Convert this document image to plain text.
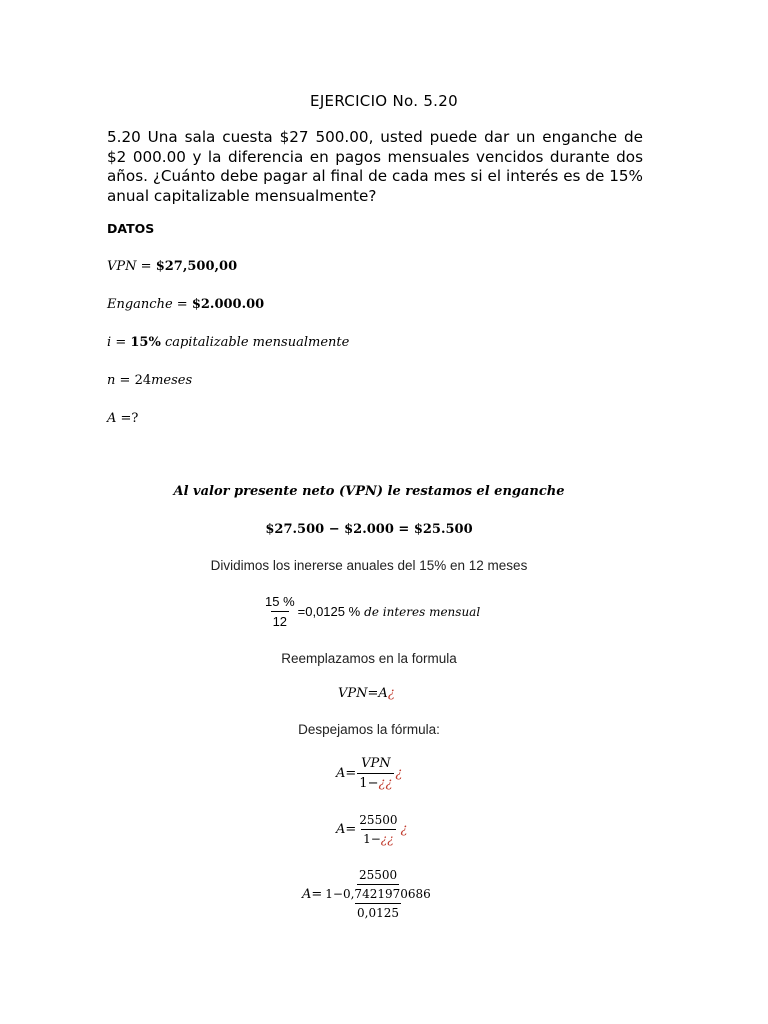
EJERCICIO No. 5.20
5.20 Una sala cuesta $27 500.00, usted puede dar un enganche de $2 000.00 y la diferencia en pagos mensuales vencidos durante dos años. ¿Cuánto debe pagar al final de cada mes si el interés es de 15% anual capitalizable mensualmente?
DATOS
VPN = $27,500,00
Enganche = $2.000.00
i = 15% capitalizable mensualmente
n = 24meses
A =?
Al valor presente neto (VPN) le restamos el enganche
$27.500 − $2.000 = $25.500
Dividimos los inererse anuales del 15% en 12 meses
$\frac{15 \%}{12} =0,0125$ % de interes mensual
Reemplazamos en la formula
VPN=A¿
Despejamos la fórmula:
$A = \frac{\text{VPN}}{1-¿¿}$ ¿
$A = \frac{25500}{1-¿¿}$ ¿
A =
25500
1−0,7421970686
0,0125
